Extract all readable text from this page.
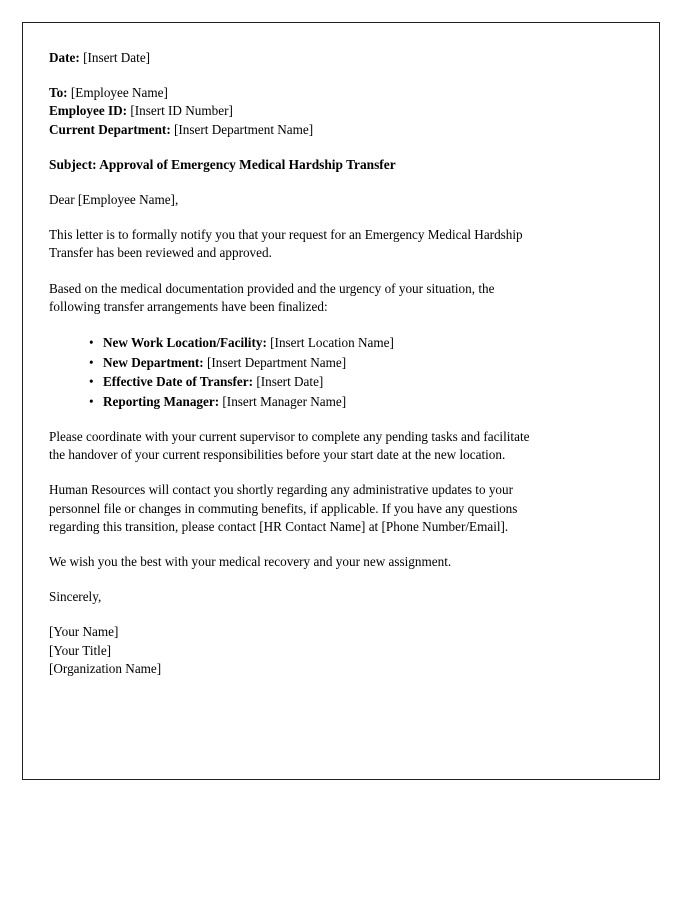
Date: [Insert Date]
To: [Employee Name]
Employee ID: [Insert ID Number]
Current Department: [Insert Department Name]
Subject: Approval of Emergency Medical Hardship Transfer
Dear [Employee Name],
This letter is to formally notify you that your request for an Emergency Medical Hardship
Transfer has been reviewed and approved.
Based on the medical documentation provided and the urgency of your situation, the
following transfer arrangements have been finalized:
• New Work Location/Facility: [Insert Location Name]
• New Department: [Insert Department Name]
• Effective Date of Transfer: [Insert Date]
• Reporting Manager: [Insert Manager Name]
Please coordinate with your current supervisor to complete any pending tasks and facilitate
the handover of your current responsibilities before your start date at the new location.
Human Resources will contact you shortly regarding any administrative updates to your
personnel file or changes in commuting benefits, if applicable. If you have any questions
regarding this transition, please contact [HR Contact Name] at [Phone Number/Email].
We wish you the best with your medical recovery and your new assignment.
Sincerely,
[Your Name]
[Your Title]
[Organization Name]
